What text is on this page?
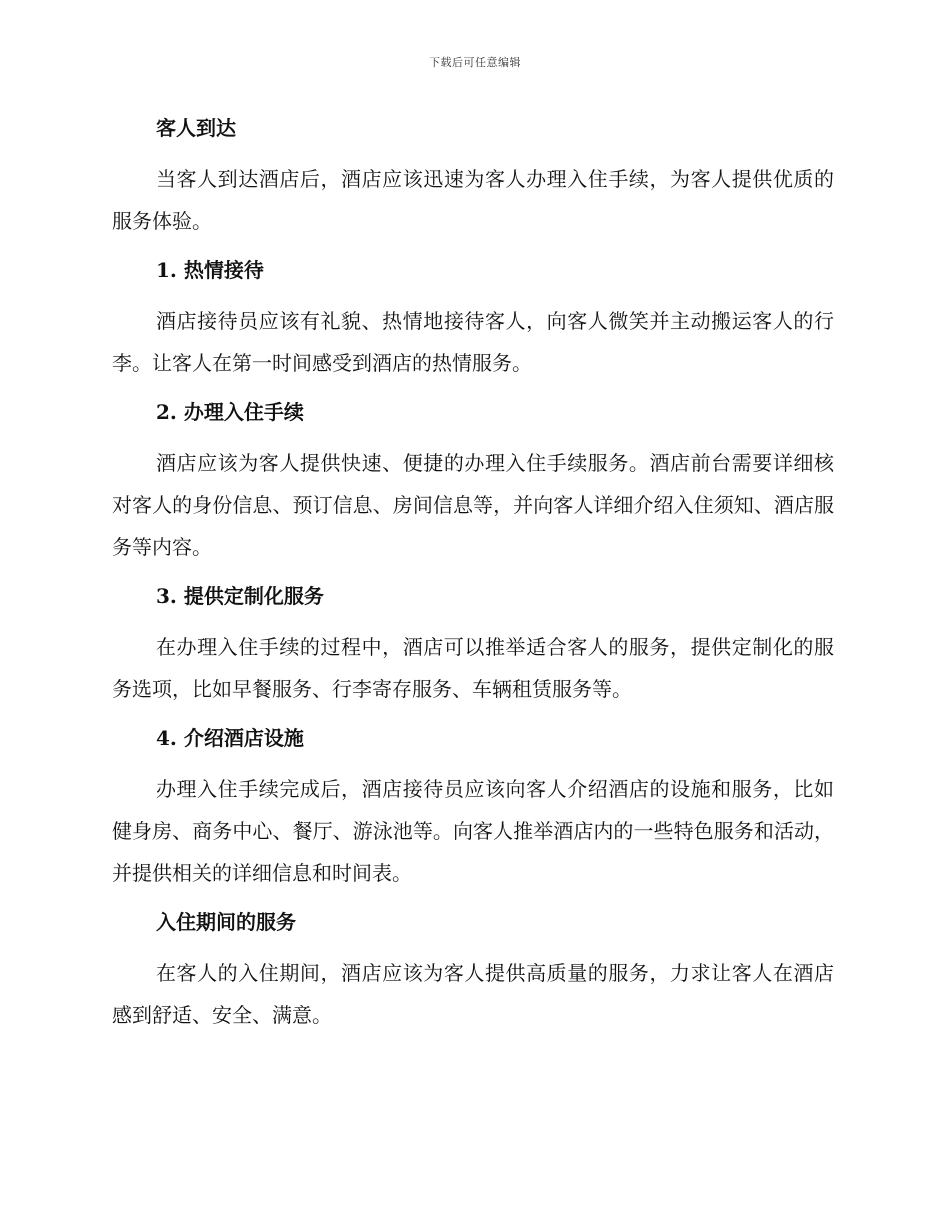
下载后可任意编辑
客人到达
当客人到达酒店后，酒店应该迅速为客人办理入住手续，为客人提供优质的服务体验。
1. 热情接待
酒店接待员应该有礼貌、热情地接待客人，向客人微笑并主动搬运客人的行李。让客人在第一时间感受到酒店的热情服务。
2. 办理入住手续
酒店应该为客人提供快速、便捷的办理入住手续服务。酒店前台需要详细核对客人的身份信息、预订信息、房间信息等，并向客人详细介绍入住须知、酒店服务等内容。
3. 提供定制化服务
在办理入住手续的过程中，酒店可以推举适合客人的服务，提供定制化的服务选项，比如早餐服务、行李寄存服务、车辆租赁服务等。
4. 介绍酒店设施
办理入住手续完成后，酒店接待员应该向客人介绍酒店的设施和服务，比如健身房、商务中心、餐厅、游泳池等。向客人推举酒店内的一些特色服务和活动，并提供相关的详细信息和时间表。
入住期间的服务
在客人的入住期间，酒店应该为客人提供高质量的服务，力求让客人在酒店感到舒适、安全、满意。
